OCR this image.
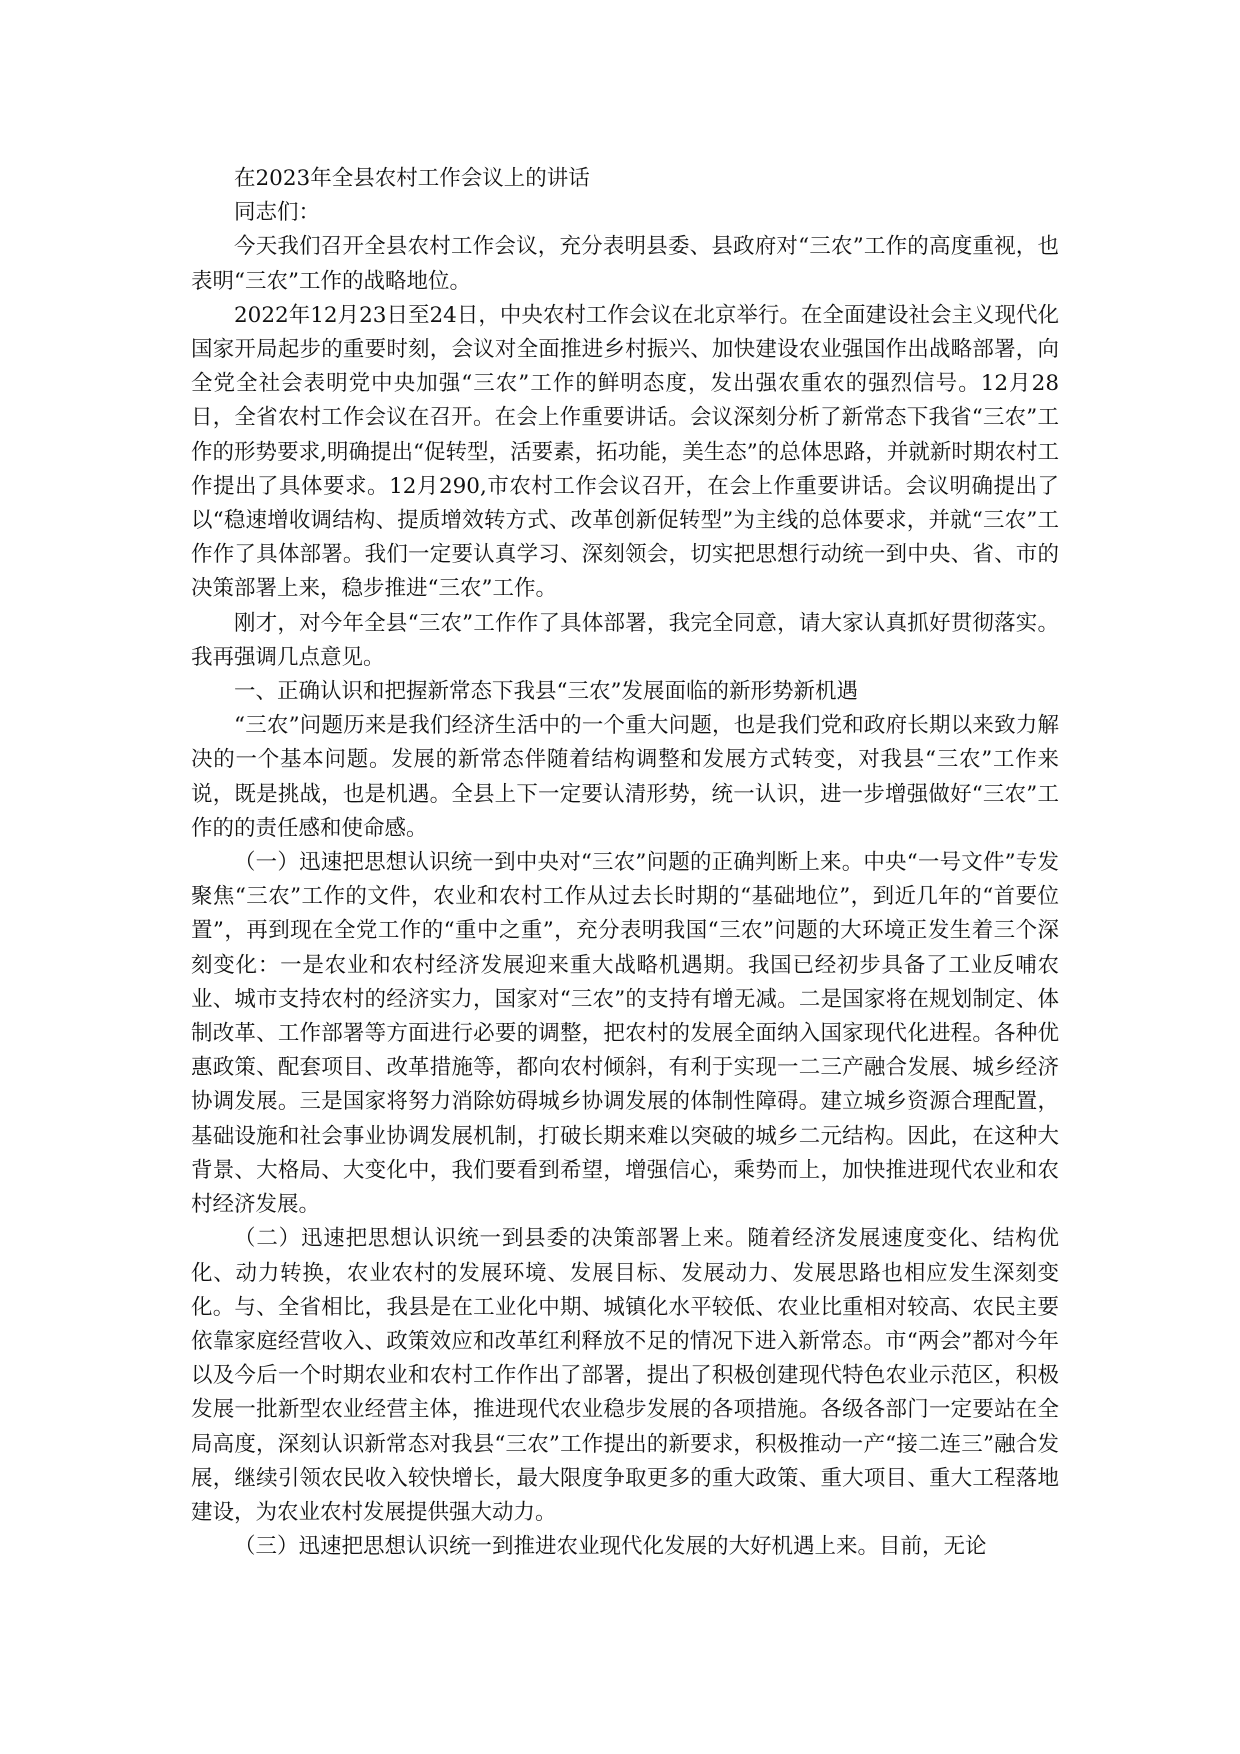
在2023年全县农村工作会议上的讲话

同志们：

今天我们召开全县农村工作会议，充分表明县委、县政府对“三农”工作的高度重视，也表明“三农”工作的战略地位。

2022年12月23日至24日，中央农村工作会议在北京举行。在全面建设社会主义现代化国家开局起步的重要时刻，会议对全面推进乡村振兴、加快建设农业强国作出战略部署，向全党全社会表明党中央加强“三农”工作的鲜明态度，发出强农重农的强烈信号。12月28日，全省农村工作会议在召开。在会上作重要讲话。会议深刻分析了新常态下我省“三农”工作的形势要求,明确提出“促转型，活要素，拓功能，美生态”的总体思路，并就新时期农村工作提出了具体要求。12月290,市农村工作会议召开，在会上作重要讲话。会议明确提出了以“稳速增收调结构、提质增效转方式、改革创新促转型”为主线的总体要求，并就“三农”工作作了具体部署。我们一定要认真学习、深刻领会，切实把思想行动统一到中央、省、市的决策部署上来，稳步推进“三农”工作。

刚才，对今年全县“三农”工作作了具体部署，我完全同意，请大家认真抓好贯彻落实。我再强调几点意见。

一、正确认识和把握新常态下我县“三农”发展面临的新形势新机遇

“三农”问题历来是我们经济生活中的一个重大问题，也是我们党和政府长期以来致力解决的一个基本问题。发展的新常态伴随着结构调整和发展方式转变，对我县“三农”工作来说，既是挑战，也是机遇。全县上下一定要认清形势，统一认识，进一步增强做好“三农”工作的的责任感和使命感。

（一）迅速把思想认识统一到中央对“三农”问题的正确判断上来。中央“一号文件”专发聚焦“三农”工作的文件，农业和农村工作从过去长时期的“基础地位”，到近几年的“首要位置”，再到现在全党工作的“重中之重”，充分表明我国“三农”问题的大环境正发生着三个深刻变化：一是农业和农村经济发展迎来重大战略机遇期。我国已经初步具备了工业反哺农业、城市支持农村的经济实力，国家对“三农”的支持有增无减。二是国家将在规划制定、体制改革、工作部署等方面进行必要的调整，把农村的发展全面纳入国家现代化进程。各种优惠政策、配套项目、改革措施等，都向农村倾斜，有利于实现一二三产融合发展、城乡经济协调发展。三是国家将努力消除妨碍城乡协调发展的体制性障碍。建立城乡资源合理配置，基础设施和社会事业协调发展机制，打破长期来难以突破的城乡二元结构。因此，在这种大背景、大格局、大变化中，我们要看到希望，增强信心，乘势而上，加快推进现代农业和农村经济发展。

（二）迅速把思想认识统一到县委的决策部署上来。随着经济发展速度变化、结构优化、动力转换，农业农村的发展环境、发展目标、发展动力、发展思路也相应发生深刻变化。与、全省相比，我县是在工业化中期、城镇化水平较低、农业比重相对较高、农民主要依靠家庭经营收入、政策效应和改革红利释放不足的情况下进入新常态。市“两会”都对今年以及今后一个时期农业和农村工作作出了部署，提出了积极创建现代特色农业示范区，积极发展一批新型农业经营主体，推进现代农业稳步发展的各项措施。各级各部门一定要站在全局高度，深刻认识新常态对我县“三农”工作提出的新要求，积极推动一产“接二连三”融合发展，继续引领农民收入较快增长，最大限度争取更多的重大政策、重大项目、重大工程落地建设，为农业农村发展提供强大动力。

（三）迅速把思想认识统一到推进农业现代化发展的大好机遇上来。目前，无论
